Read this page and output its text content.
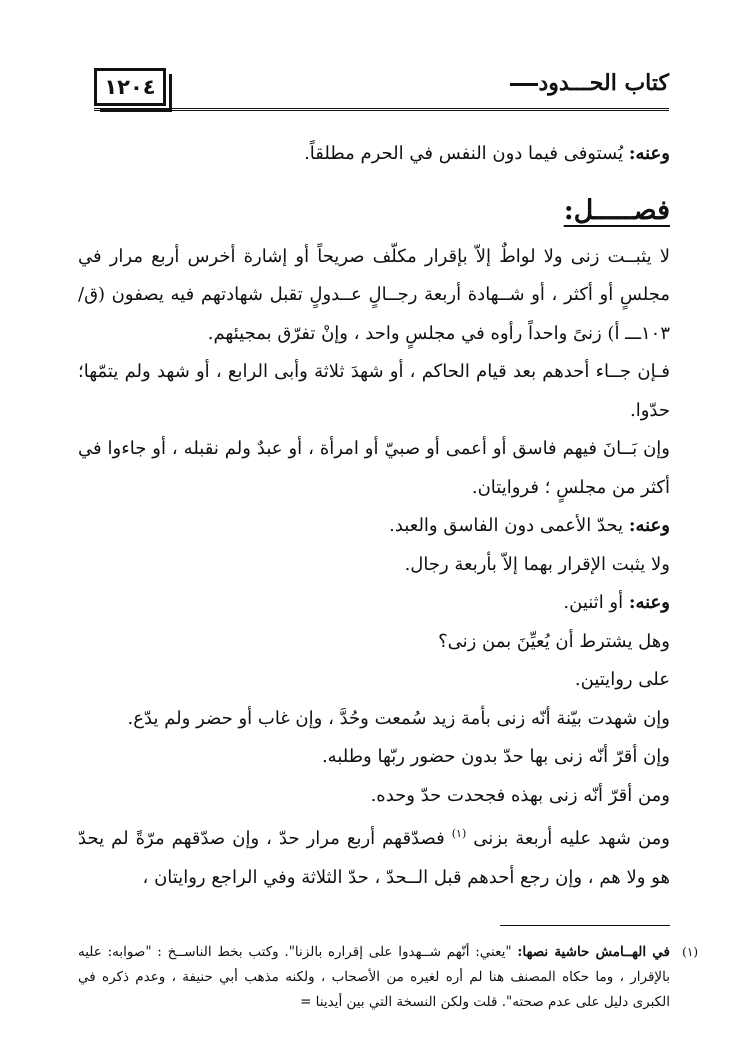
١٢٠٤	كتاب الحـــدود

وعنه: يُستوفى فيما دون النفس في الحرم مطلقاً.

فصـــــل:

لا يثبــت زنى ولا لواطٌ إلاّ بإقرار مكلّف صريحاً أو إشارة أخرس أربع مرار في مجلسٍ أو أكثر ، أو شــهادة أربعة رجــالٍ عــدولٍ تقبل شهادتهم فيه يصفون (ق/١٠٣ـــ أ) زنىً واحداً رأوه في مجلسٍ واحد ، وإنْ تفرّق بمجيئهم.

فـإن جــاء أحدهم بعد قيام الحاكم ، أو شهدَ ثلاثة وأبى الرابع ، أو شهد ولم يتمّها؛ حدّوا.

وإن بَــانَ فيهم فاسق أو أعمى أو صبيّ أو امرأة ، أو عبدٌ ولم نقبله ، أو جاءوا في أكثر من مجلسٍ ؛ فروايتان.

وعنه: يحدّ الأعمى دون الفاسق والعبد.

ولا يثبت الإقرار بهما إلاّ بأربعة رجال.

وعنه: أو اثنين.

وهل يشترط أن يُعيِّنَ بمن زنى؟

على روايتين.

وإن شهدت بيّنة أنّه زنى بأمة زيد سُمعت وحُدَّ ، وإن غاب أو حضر ولم يدّع.

وإن أقرّ أنّه زنى بها حدّ بدون حضور ربّها وطلبه.

ومن أقرّ أنّه زنى بهذه فجحدت حدّ وحده.

ومن شهد عليه أربعة بزنى $^{(١)}$ فصدّقهم أربع مرار حدّ ، وإن صدّقهم مرّةً لم يحدّ هو ولا هم ، وإن رجع أحدهم قبل الــحدّ ، حدّ الثلاثة وفي الراجع روايتان ،

(١)
في الهــامش حاشية نصها: "يعني: أنّهم شــهدوا على إقراره بالزنا". وكتب بخط الناســخ : "صوابه: عليه بالإقرار ، وما حكاه المصنف هنا لم أره لغيره من الأصحاب ، ولكنه مذهب أبي حنيفة ، وعدم ذكره في الكبرى دليل على عدم صحته". قلت ولكن النسخة التي بين أيدينا =
